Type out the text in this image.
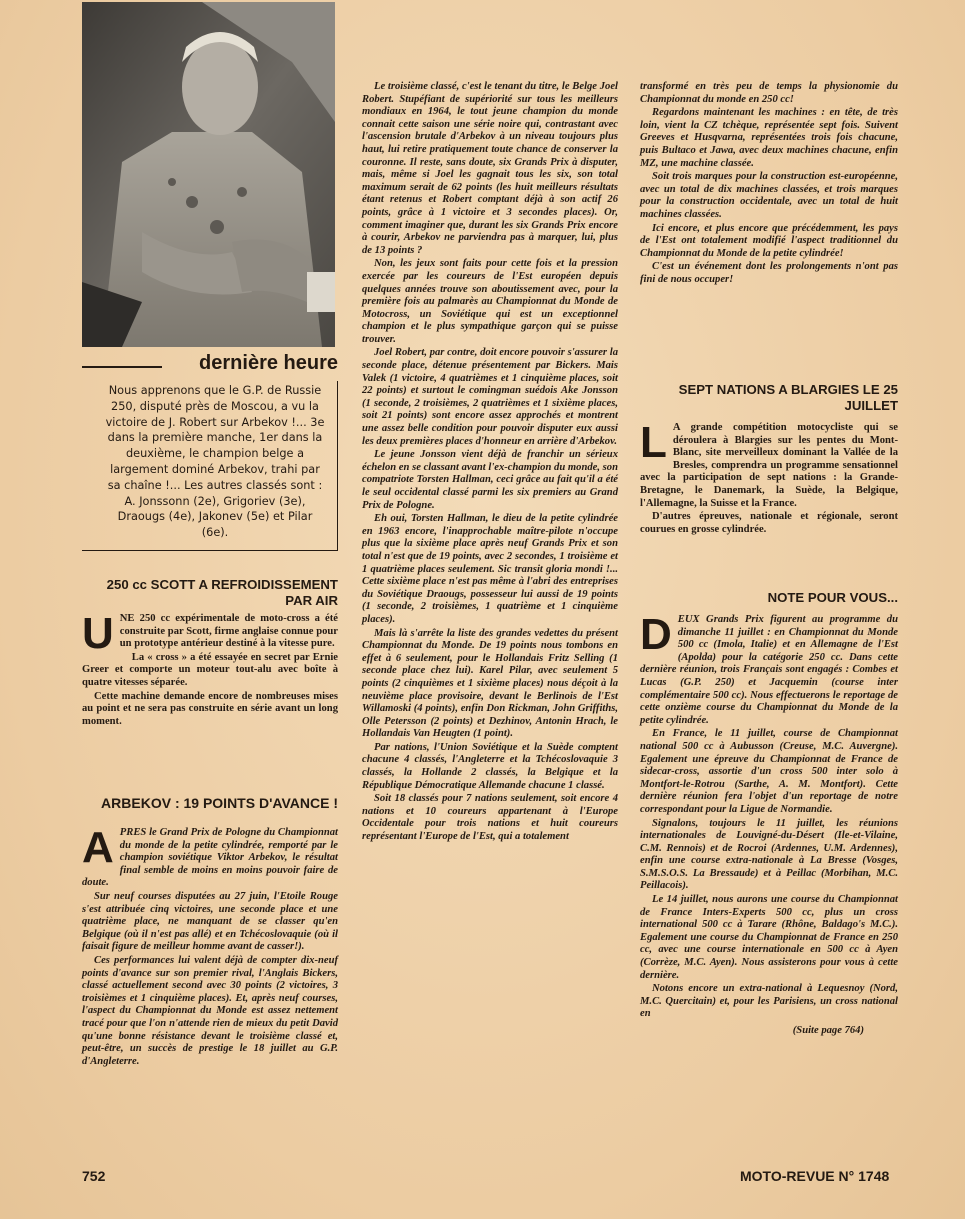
dernière heure
Nous apprenons que le G.P. de Russie 250, disputé près de Moscou, a vu la victoire de J. Robert sur Arbekov !... 3e dans la première manche, 1er dans la deuxième, le champion belge a largement dominé Arbekov, trahi par sa chaîne !... Les autres classés sont : A. Jonssonn (2e), Grigoriev (3e), Draougs (4e), Jakonev (5e) et Pilar (6e).
250 cc SCOTT A REFROIDISSEMENT PAR AIR

UNE 250 cc expérimentale de moto-cross a été construite par Scott, firme anglaise connue pour un prototype antérieur destiné à la vitesse pure.

La « cross » a été essayée en secret par Ernie Greer et comporte un moteur tout-alu avec boîte à quatre vitesses séparée.

Cette machine demande encore de nombreuses mises au point et ne sera pas construite en série avant un long moment.

ARBEKOV : 19 POINTS D'AVANCE !

APRES le Grand Prix de Pologne du Championnat du monde de la petite cylindrée, remporté par le champion soviétique Viktor Arbekov, le résultat final semble de moins en moins pouvoir faire de doute.

Sur neuf courses disputées au 27 juin, l'Etoile Rouge s'est attribuée cinq victoires, une seconde place et une quatrième place, ne manquant de se classer qu'en Belgique (où il n'est pas allé) et en Tchécoslovaquie (où il faisait figure de meilleur homme avant de casser!).

Ces performances lui valent déjà de compter dix-neuf points d'avance sur son premier rival, l'Anglais Bickers, classé actuellement second avec 30 points (2 victoires, 3 troisièmes et 1 cinquième places). Et, après neuf courses, l'aspect du Championnat du Monde est assez nettement tracé pour que l'on n'attende rien de mieux du petit David qu'une bonne résistance devant le troisième classé et, peut-être, un succès de prestige le 18 juillet au G.P. d'Angleterre.

Le troisième classé, c'est le tenant du titre, le Belge Joel Robert. Stupéfiant de supériorité sur tous les meilleurs mondiaux en 1964, le tout jeune champion du monde connait cette saison une série noire qui, contrastant avec l'ascension brutale d'Arbekov à un niveau toujours plus haut, lui retire pratiquement toute chance de conserver la couronne. Il reste, sans doute, six Grands Prix à disputer, mais, même si Joel les gagnait tous les six, son total maximum serait de 62 points (les huit meilleurs résultats étant retenus et Robert comptant déjà à son actif 26 points, grâce à 1 victoire et 3 secondes places). Or, comment imaginer que, durant les six Grands Prix encore à courir, Arbekov ne parviendra pas à marquer, lui, plus de 13 points ?

Non, les jeux sont faits pour cette fois et la pression exercée par les coureurs de l'Est européen depuis quelques années trouve son aboutissement avec, pour la première fois au palmarès au Championnat du Monde de Motocross, un Soviétique qui est un exceptionnel champion et le plus sympathique garçon qui se puisse trouver.

Joel Robert, par contre, doit encore pouvoir s'assurer la seconde place, détenue présentement par Bickers. Mais Valek (1 victoire, 4 quatrièmes et 1 cinquième places, soit 22 points) et surtout le comingman suédois Ake Jonsson (1 seconde, 2 troisièmes, 2 quatrièmes et 1 sixième places, soit 21 points) sont encore assez approchés et montrent une assez belle condition pour pouvoir disputer eux aussi les deux premières places d'honneur en arrière d'Arbekov.

Le jeune Jonsson vient déjà de franchir un sérieux échelon en se classant avant l'ex-champion du monde, son compatriote Torsten Hallman, ceci grâce au fait qu'il a été le seul occidental classé parmi les six premiers au Grand Prix de Pologne.

Eh oui, Torsten Hallman, le dieu de la petite cylindrée en 1963 encore, l'inapprochable maître-pilote n'occupe plus que la sixième place après neuf Grands Prix et son total n'est que de 19 points, avec 2 secondes, 1 troisième et 1 quatrième places seulement. Sic transit gloria mondi !... Cette sixième place n'est pas même à l'abri des entreprises du Soviétique Draougs, possesseur lui aussi de 19 points (1 seconde, 2 troisièmes, 1 quatrième et 1 cinquième places).

Mais là s'arrête la liste des grandes vedettes du présent Championnat du Monde. De 19 points nous tombons en effet à 6 seulement, pour le Hollandais Fritz Selling (1 seconde place chez lui). Karel Pilar, avec seulement 5 points (2 cinquièmes et 1 sixième places) nous déçoit à la neuvième place provisoire, devant le Berlinois de l'Est Willamoski (4 points), enfin Don Rickman, John Griffiths, Olle Petersson (2 points) et Dezhinov, Antonin Hrach, le Hollandais Van Heugten (1 point).

Par nations, l'Union Soviétique et la Suède comptent chacune 4 classés, l'Angleterre et la Tchécoslovaquie 3 classés, la Hollande 2 classés, la Belgique et la République Démocratique Allemande chacune 1 classé.

Soit 18 classés pour 7 nations seulement, soit encore 4 nations et 10 coureurs appartenant à l'Europe Occidentale pour trois nations et huit coureurs représentant l'Europe de l'Est, qui a totalement

transformé en très peu de temps la physionomie du Championnat du monde en 250 cc!

Regardons maintenant les machines : en tête, de très loin, vient la CZ tchèque, représentée sept fois. Suivent Greeves et Husqvarna, représentées trois fois chacune, puis Bultaco et Jawa, avec deux machines chacune, enfin MZ, une machine classée.

Soit trois marques pour la construction est-européenne, avec un total de dix machines classées, et trois marques pour la construction occidentale, avec un total de huit machines classées.

Ici encore, et plus encore que précédemment, les pays de l'Est ont totalement modifié l'aspect traditionnel du Championnat du Monde de la petite cylindrée!

C'est un événement dont les prolongements n'ont pas fini de nous occuper!

SEPT NATIONS A BLARGIES LE 25 JUILLET

L A grande compétition motocycliste qui se déroulera à Blargies sur les pentes du Mont-Blanc, site merveilleux dominant la Vallée de la Bresles, comprendra un programme sensationnel avec la participation de sept nations : la Grande-Bretagne, le Danemark, la Suède, la Belgique, l'Allemagne, la Suisse et la France.

D'autres épreuves, nationale et régionale, seront courues en grosse cylindrée.

NOTE POUR VOUS...

DEUX Grands Prix figurent au programme du dimanche 11 juillet : en Championnat du Monde 500 cc (Imola, Italie) et en Allemagne de l'Est (Apolda) pour la catégorie 250 cc. Dans cette dernière réunion, trois Français sont engagés : Combes et Lucas (G.P. 250) et Jacquemin (course inter complémentaire 500 cc). Nous effectuerons le reportage de cette onzième course du Championnat du Monde de la petite cylindrée.

En France, le 11 juillet, course de Championnat national 500 cc à Aubusson (Creuse, M.C. Auvergne). Egalement une épreuve du Championnat de France de sidecar-cross, assortie d'un cross 500 inter solo à Montfort-le-Rotrou (Sarthe, A. M. Montfort). Cette dernière réunion fera l'objet d'un reportage de notre correspondant pour la Ligue de Normandie.

Signalons, toujours le 11 juillet, les réunions internationales de Louvigné-du-Désert (Ile-et-Vilaine, C.M. Rennois) et de Rocroi (Ardennes, U.M. Ardennes), enfin une course extra-nationale à La Bresse (Vosges, S.M.S.O.S. La Bressaude) et à Peillac (Morbihan, M.C. Peillacois).

Le 14 juillet, nous aurons une course du Championnat de France Inters-Experts 500 cc, plus un cross international 500 cc à Tarare (Rhône, Baldago's M.C.). Egalement une course du Championnat de France en 250 cc, avec une course internationale en 500 cc à Ayen (Corrèze, M.C. Ayen). Nous assisterons pour vous à cette dernière.

Notons encore un extra-national à Lequesnoy (Nord, M.C. Quercitain) et, pour les Parisiens, un cross national en

(Suite page 764)

752	MOTO-REVUE N° 1748
